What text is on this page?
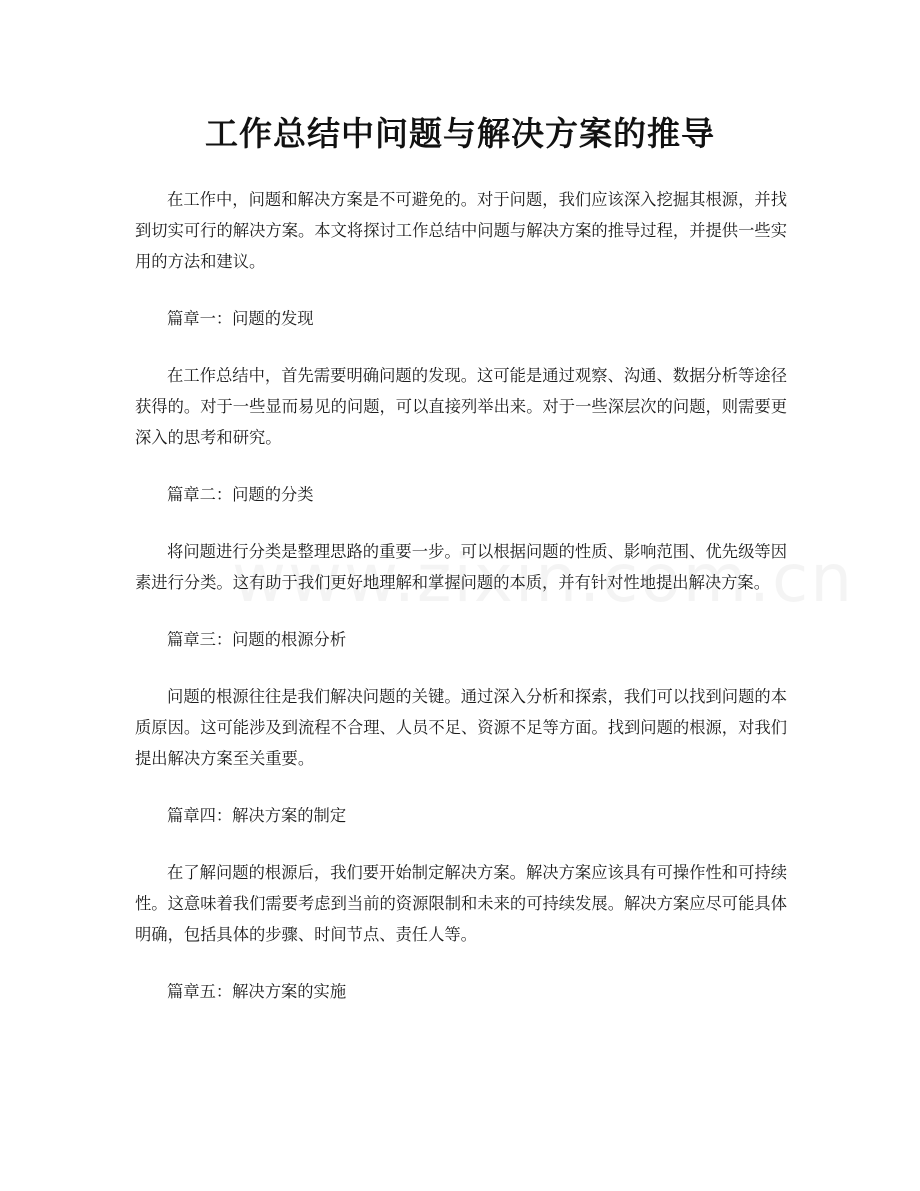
工作总结中问题与解决方案的推导

在工作中，问题和解决方案是不可避免的。对于问题，我们应该深入挖掘其根源，并找到切实可行的解决方案。本文将探讨工作总结中问题与解决方案的推导过程，并提供一些实用的方法和建议。

篇章一：问题的发现

在工作总结中，首先需要明确问题的发现。这可能是通过观察、沟通、数据分析等途径获得的。对于一些显而易见的问题，可以直接列举出来。对于一些深层次的问题，则需要更深入的思考和研究。

篇章二：问题的分类

将问题进行分类是整理思路的重要一步。可以根据问题的性质、影响范围、优先级等因素进行分类。这有助于我们更好地理解和掌握问题的本质，并有针对性地提出解决方案。

篇章三：问题的根源分析

问题的根源往往是我们解决问题的关键。通过深入分析和探索，我们可以找到问题的本质原因。这可能涉及到流程不合理、人员不足、资源不足等方面。找到问题的根源，对我们提出解决方案至关重要。

篇章四：解决方案的制定

在了解问题的根源后，我们要开始制定解决方案。解决方案应该具有可操作性和可持续性。这意味着我们需要考虑到当前的资源限制和未来的可持续发展。解决方案应尽可能具体明确，包括具体的步骤、时间节点、责任人等。

篇章五：解决方案的实施
